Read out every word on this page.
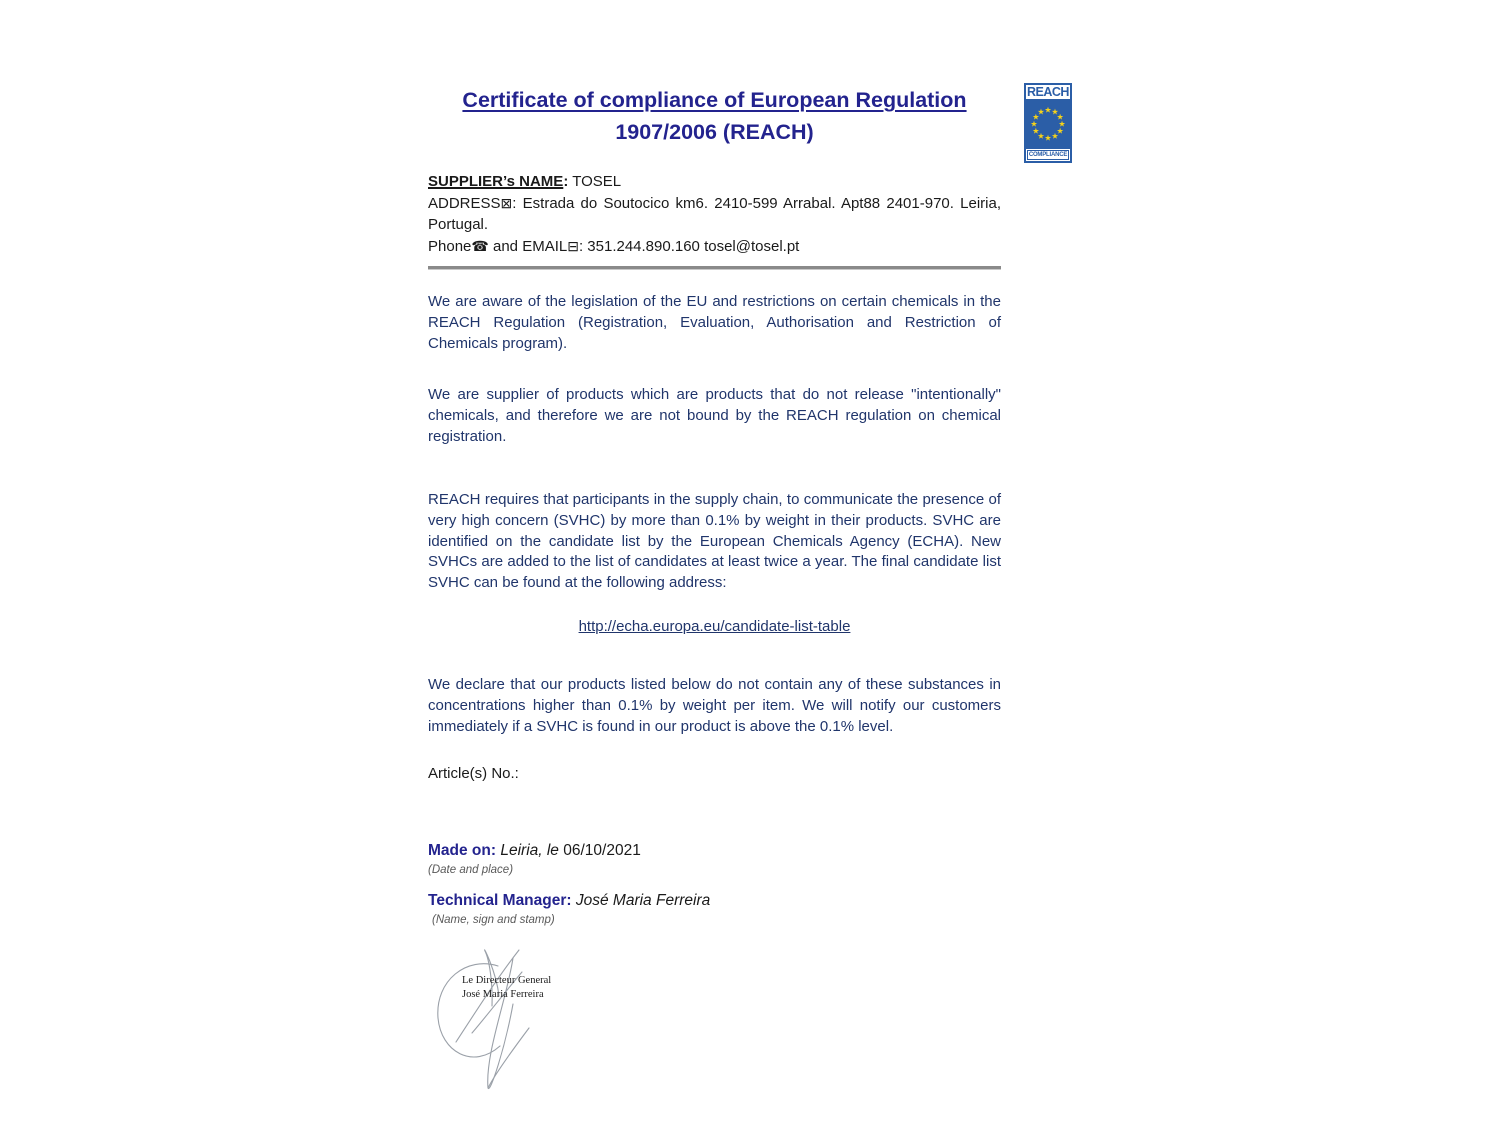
Certificate of compliance of European Regulation
1907/2006 (REACH)
REACH
COMPLIANCE
SUPPLIER’s NAME: TOSEL
ADDRESS⊠: Estrada do Soutocico km6. 2410-599 Arrabal. Apt88 2401-970. Leiria, Portugal.
Phone☎ and EMAIL⊟: 351.244.890.160 tosel@tosel.pt
We are aware of the legislation of the EU and restrictions on certain chemicals in the REACH Regulation (Registration, Evaluation, Authorisation and Restriction of Chemicals program).
We are supplier of products which are products that do not release "intentionally" chemicals, and therefore we are not bound by the REACH regulation on chemical registration.
REACH requires that participants in the supply chain, to communicate the presence of very high concern (SVHC) by more than 0.1% by weight in their products. SVHC are identified on the candidate list by the European Chemicals Agency (ECHA). New SVHCs are added to the list of candidates at least twice a year. The final candidate list SVHC can be found at the following address:
http://echa.europa.eu/candidate-list-table
We declare that our products listed below do not contain any of these substances in concentrations higher than 0.1% by weight per item. We will notify our customers immediately if a SVHC is found in our product is above the 0.1% level.
Article(s) No.:
Made on: Leiria, le 06/10/2021
(Date and place)
Technical Manager: José Maria Ferreira
(Name, sign and stamp)
Le Directeur General
José Maria Ferreira
